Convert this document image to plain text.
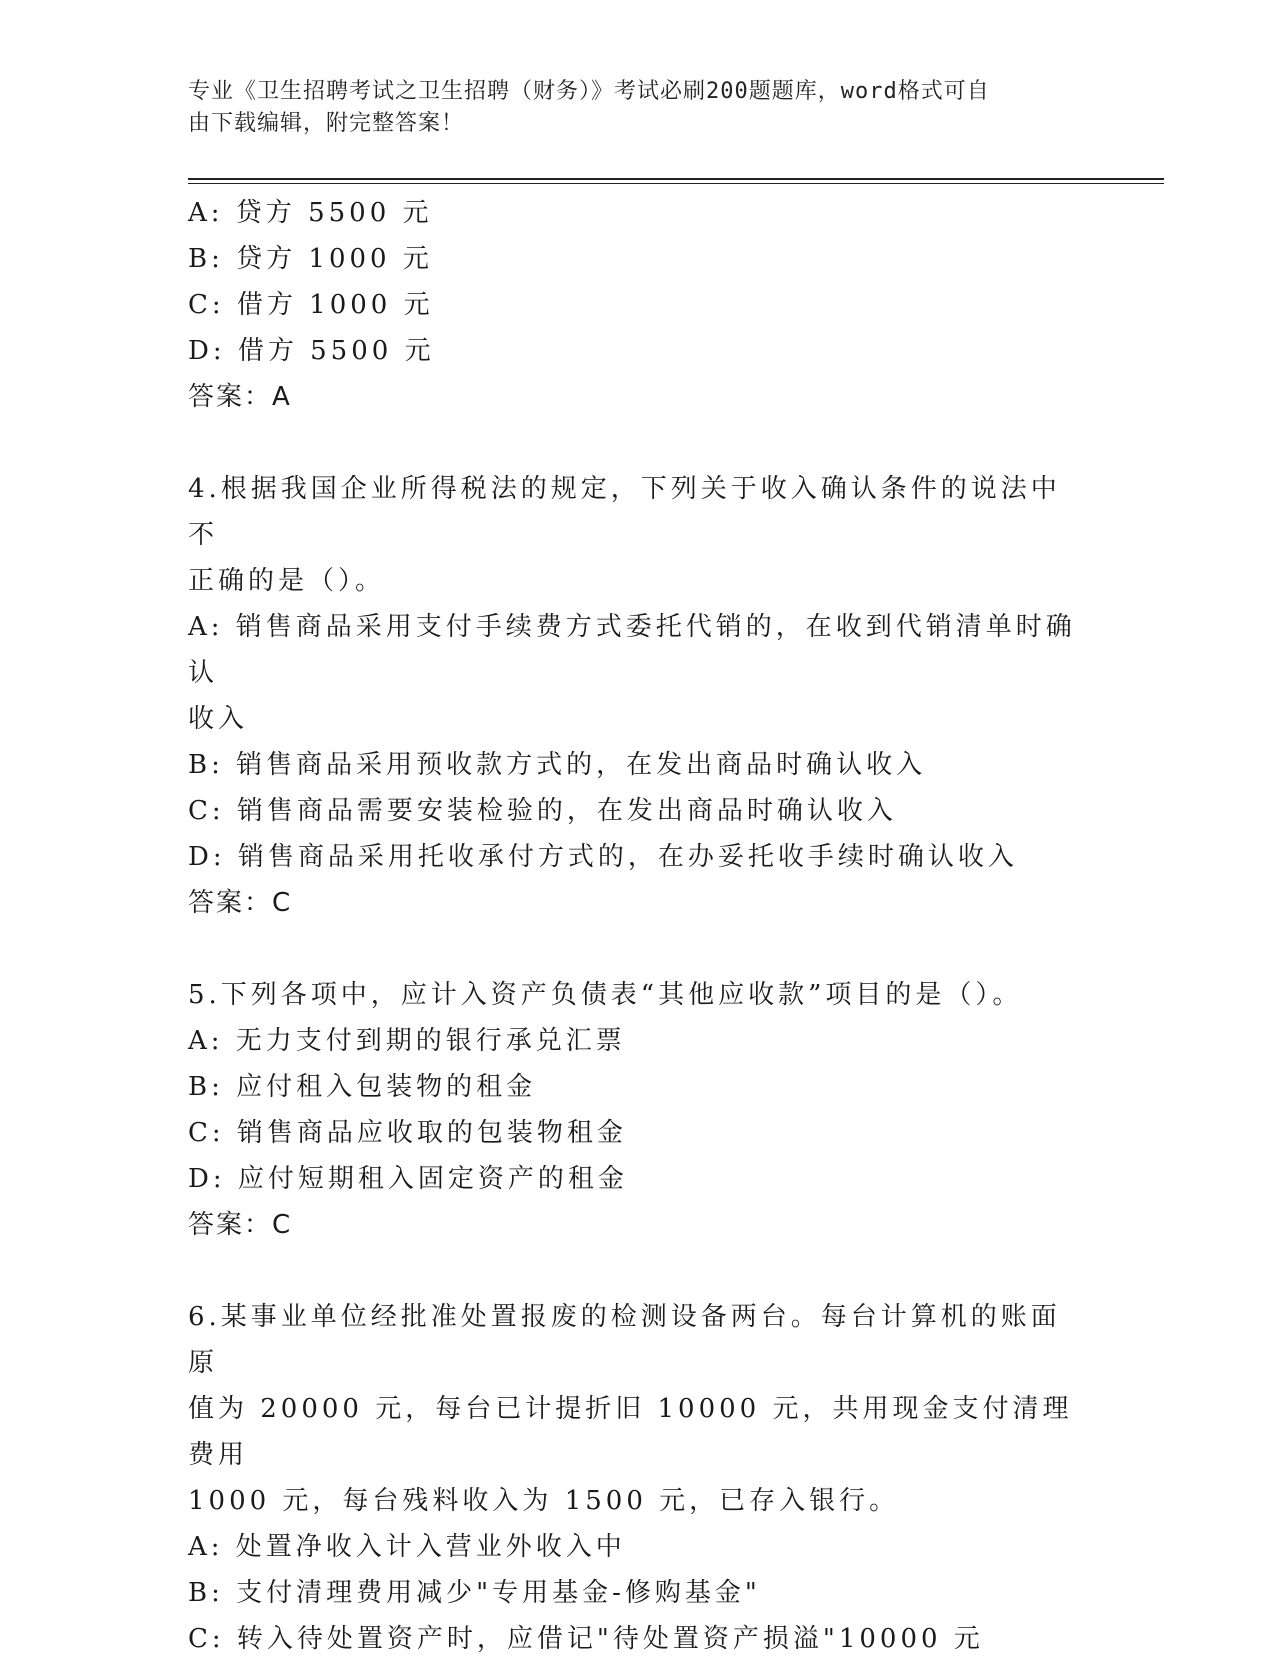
专业《卫生招聘考试之卫生招聘（财务）》考试必刷200题题库，word格式可自
由下载编辑，附完整答案！
A: 贷方 5500 元
B: 贷方 1000 元
C: 借方 1000 元
D: 借方 5500 元
答案：A
4.根据我国企业所得税法的规定，下列关于收入确认条件的说法中不
正确的是（）。
A: 销售商品采用支付手续费方式委托代销的，在收到代销清单时确认
收入
B: 销售商品采用预收款方式的，在发出商品时确认收入
C: 销售商品需要安装检验的，在发出商品时确认收入
D: 销售商品采用托收承付方式的，在办妥托收手续时确认收入
答案：C
5.下列各项中，应计入资产负债表“其他应收款”项目的是（）。
A: 无力支付到期的银行承兑汇票
B: 应付租入包装物的租金
C: 销售商品应收取的包装物租金
D: 应付短期租入固定资产的租金
答案：C
6.某事业单位经批准处置报废的检测设备两台。每台计算机的账面原
值为 20000 元，每台已计提折旧 10000 元，共用现金支付清理费用
1000 元，每台残料收入为 1500 元，已存入银行。
A: 处置净收入计入营业外收入中
B: 支付清理费用减少"专用基金-修购基金"
C: 转入待处置资产时，应借记"待处置资产损溢"10000 元
